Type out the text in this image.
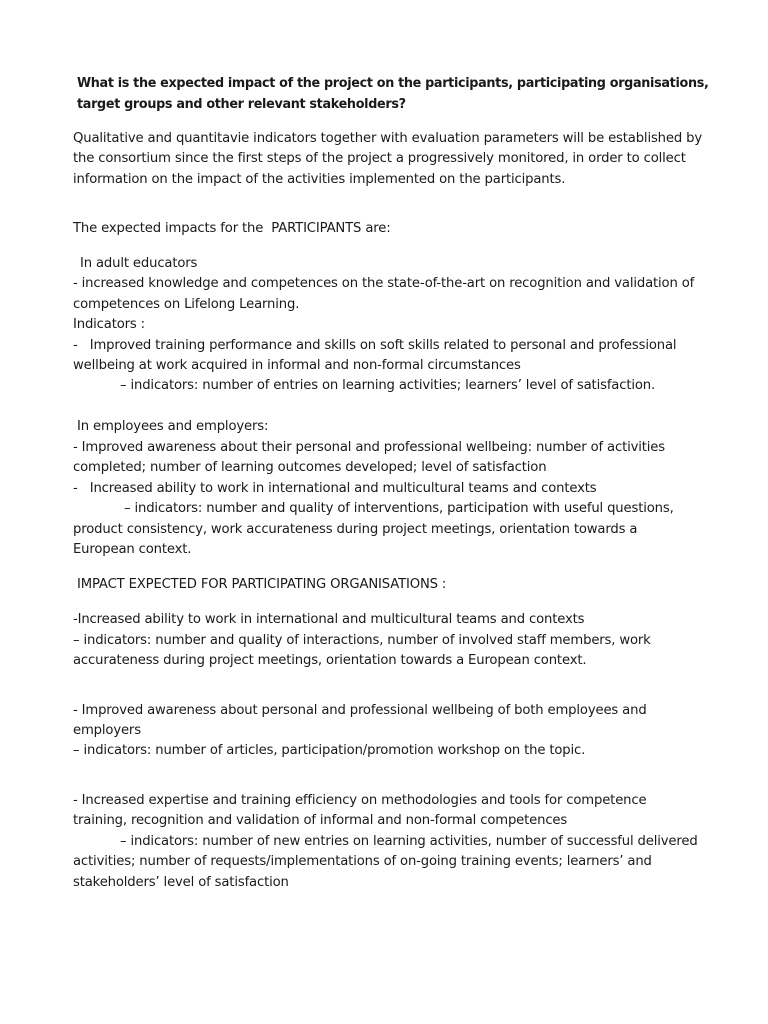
What is the expected impact of the project on the participants, participating organisations,
target groups and other relevant stakeholders?
Qualitative and quantitavie indicators together with evaluation parameters will be established by
the consortium since the first steps of the project a progressively monitored, in order to collect
information on the impact of the activities implemented on the participants.
The expected impacts for the  PARTICIPANTS are:
In adult educators
- increased knowledge and competences on the state-of-the-art on recognition and validation of
competences on Lifelong Learning.
Indicators :
-   Improved training performance and skills on soft skills related to personal and professional
wellbeing at work acquired in informal and non-formal circumstances
– indicators: number of entries on learning activities; learners’ level of satisfaction.
In employees and employers:
- Improved awareness about their personal and professional wellbeing: number of activities
completed; number of learning outcomes developed; level of satisfaction
-   Increased ability to work in international and multicultural teams and contexts
– indicators: number and quality of interventions, participation with useful questions,
product consistency, work accurateness during project meetings, orientation towards a
European context.
IMPACT EXPECTED FOR PARTICIPATING ORGANISATIONS :
-Increased ability to work in international and multicultural teams and contexts
– indicators: number and quality of interactions, number of involved staff members, work
accurateness during project meetings, orientation towards a European context.
- Improved awareness about personal and professional wellbeing of both employees and
employers
– indicators: number of articles, participation/promotion workshop on the topic.
- Increased expertise and training efficiency on methodologies and tools for competence
training, recognition and validation of informal and non-formal competences
– indicators: number of new entries on learning activities, number of successful delivered
activities; number of requests/implementations of on-going training events; learners’ and
stakeholders’ level of satisfaction
